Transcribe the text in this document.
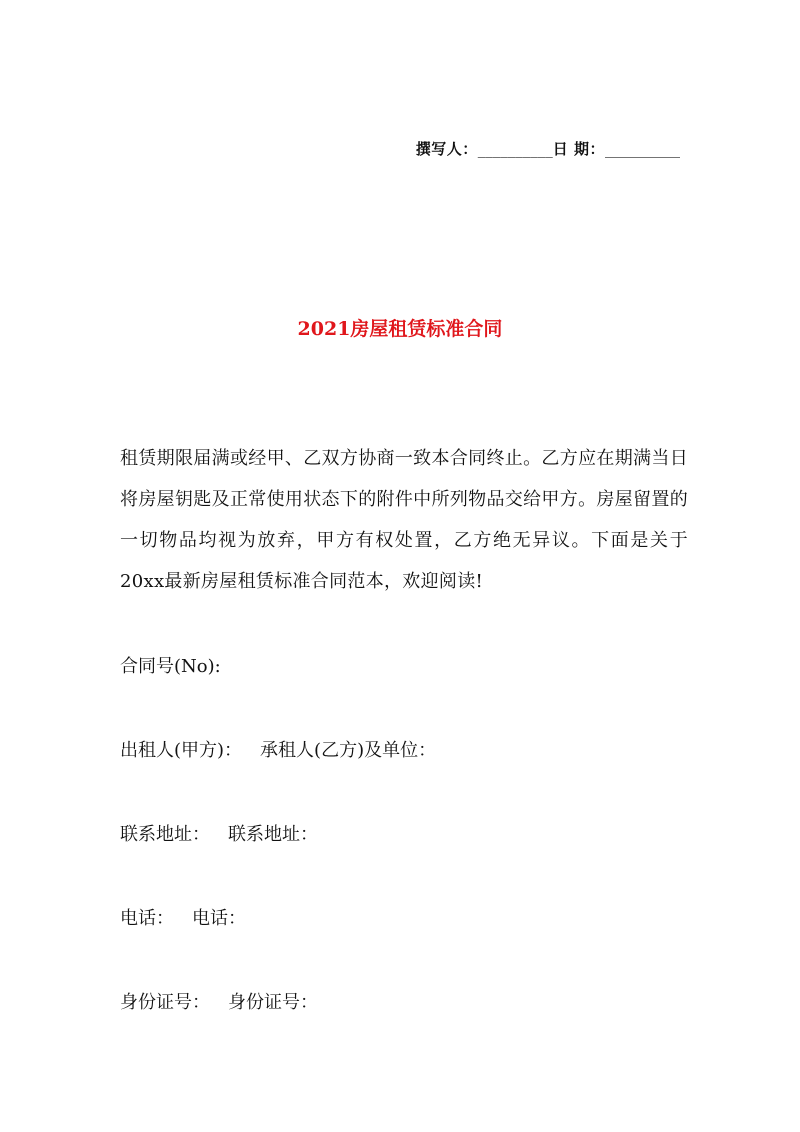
撰写人：__________日 期：__________
2021房屋租赁标准合同

租赁期限届满或经甲、乙双方协商一致本合同终止。乙方应在期满当日将房屋钥匙及正常使用状态下的附件中所列物品交给甲方。房屋留置的一切物品均视为放弃，甲方有权处置，乙方绝无异议。下面是关于20xx最新房屋租赁标准合同范本，欢迎阅读!

合同号(No):
出租人(甲方)： 承租人(乙方)及单位：
联系地址： 联系地址：
电话： 电话：
身份证号： 身份证号：
